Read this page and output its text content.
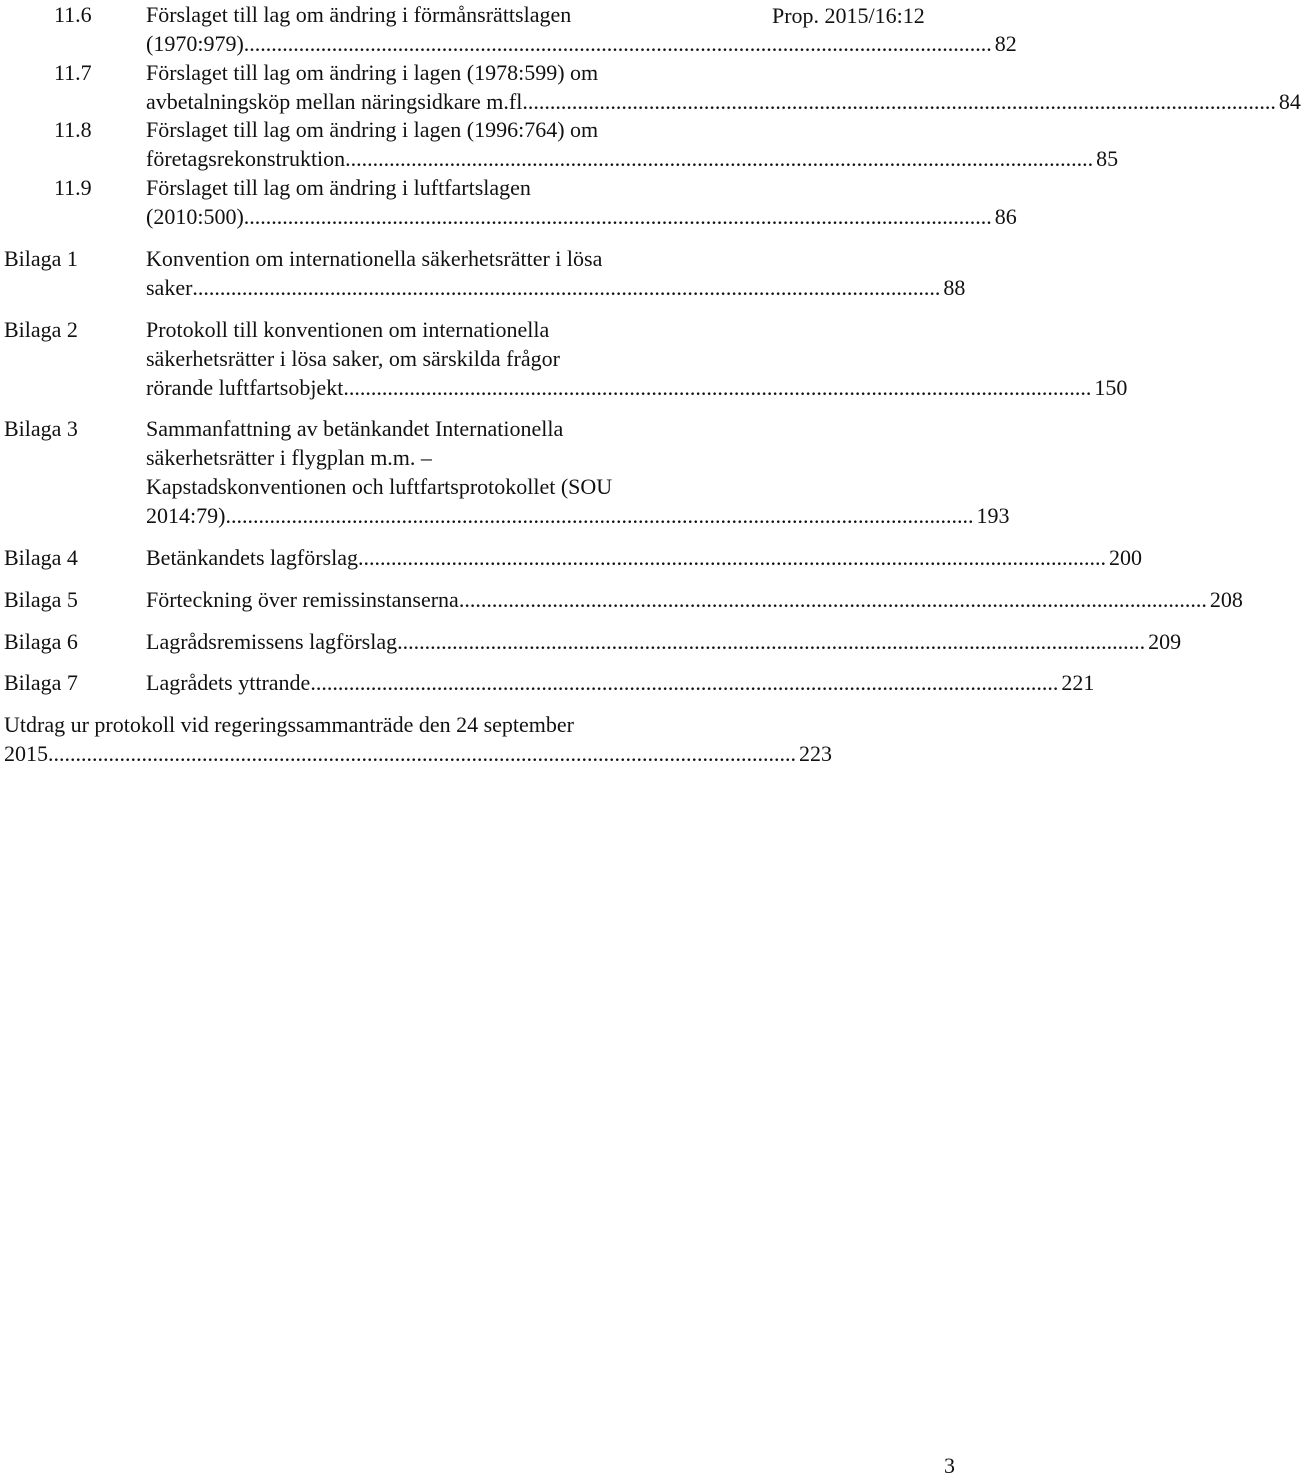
Prop. 2015/16:12
11.6 Förslaget till lag om ändring i förmånsrättslagen
(1970:979) ........................................................................................................................................ 82
11.7 Förslaget till lag om ändring i lagen (1978:599) om
avbetalningsköp mellan näringsidkare m.fl. ........................................................................................................................................ 84
11.8 Förslaget till lag om ändring i lagen (1996:764) om
företagsrekonstruktion ........................................................................................................................................ 85
11.9 Förslaget till lag om ändring i luftfartslagen
(2010:500) ........................................................................................................................................ 86
Bilaga 1	Konvention om internationella säkerhetsrätter i lösa
saker ........................................................................................................................................ 88
Bilaga 2	Protokoll till konventionen om internationella
säkerhetsrätter i lösa saker, om särskilda frågor
rörande luftfartsobjekt ........................................................................................................................................ 150
Bilaga 3	Sammanfattning av betänkandet Internationella
säkerhetsrätter i flygplan m.m. –
Kapstadskonventionen och luftfartsprotokollet (SOU
2014:79) ........................................................................................................................................ 193
Bilaga 4	Betänkandets lagförslag ........................................................................................................................................ 200
Bilaga 5	Förteckning över remissinstanserna ........................................................................................................................................ 208
Bilaga 6	Lagrådsremissens lagförslag ........................................................................................................................................ 209
Bilaga 7	Lagrådets yttrande ........................................................................................................................................ 221
Utdrag ur protokoll vid regeringssammanträde den 24 september
2015 ........................................................................................................................................ 223
3
